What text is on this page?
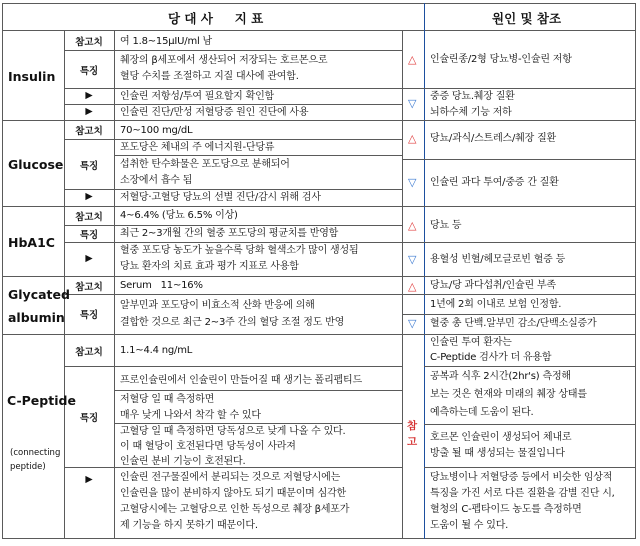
당 대 사     지 표	원인 및 참조
Insulin
Glucose
HbA1C
Glycated
albumin
C-Peptide
(connecting
peptide)
참고치
특징
▶
▶
참고치
특징
▶
참고치
특징
▶
참고치
특징
참고치
특징
▶
여 1.8~15μIU/ml 남
췌장의 β세포에서 생산되어 저장되는 호르몬으로
혈당 수치를 조절하고 지질 대사에 관여함.
인슐린 저항성/투여 필요할지 확인함
인슐린 진단/만성 저혈당증 원인 진단에 사용
△ 인슐린종/2형 당뇨병-인슐린 저항
▽
중증 당뇨.췌장 질환
뇌하수체 기능 저하
70~100 mg/dL
포도당은 체내의 주 에너지원-단당류
섭취한 탄수화물은 포도당으로 분해되어
소장에서 흡수 됨
저혈당·고혈당 당뇨의 선별 진단/감시 위해 검사
△ 당뇨/과식/스트레스/췌장 질환
▽ 인슐린 과다 투여/중증 간 질환
4~6.4% (당뇨 6.5% 이상)
최근 2~3개월 간의 혈중 포도당의 평균치를 반영함
혈중 포도당 농도가 높을수록 당화 혈색소가 많이 생성됨
당뇨 환자의 치료 효과 평가 지표로 사용함
△ 당뇨 등
▽ 용혈성 빈혈/헤모글로빈 혈증 등
Serum   11~16%
알부민과 포도당이 비효소적 산화 반응에 의해
결합한 것으로 최근 2~3주 간의 혈당 조절 정도 반영
△ 당뇨/당 과다섭취/인슐린 부족
1년에 2회 이내로 보험 인정함.
▽ 혈중 총 단백.알부민 감소/단백소실증가
1.1~4.4 ng/mL
프로인슐린에서 인슐린이 만들어질 때 생기는 폴리펩티드
저혈당 일 때 측정하면
매우 낮게 나와서 착각 할 수 있다
고혈당 일 때 측정하면 당독성으로 낮게 나올 수 있다.
이 때 혈당이 호전된다면 당독성이 사라져
인슐린 분비 기능이 호전된다.
인슐린 전구물질에서 분리되는 것으로 저혈당시에는
인슐린을 많이 분비하지 않아도 되기 때문이며 심각한
고혈당시에는 고혈당으로 인한 독성으로 췌장 β세포가
제 기능을 하지 못하기 때문이다.
참
고
인슐린 투여 환자는
C-Peptide 검사가 더 유용함
공복과 식후 2시간(2hr's) 측정해
보는 것은 현재와 미래의 췌장 상태를
예측하는데 도움이 된다.
호르몬 인슐린이 생성되어 체내로
방출 될 때 생성되는 물질입니다
당뇨병이나 저혈당증 등에서 비슷한 임상적
특징을 가진 서로 다른 질환을 감별 진단 시,
혈청의 C-펩타이드 농도를 측정하면
도움이 될 수 있다.
